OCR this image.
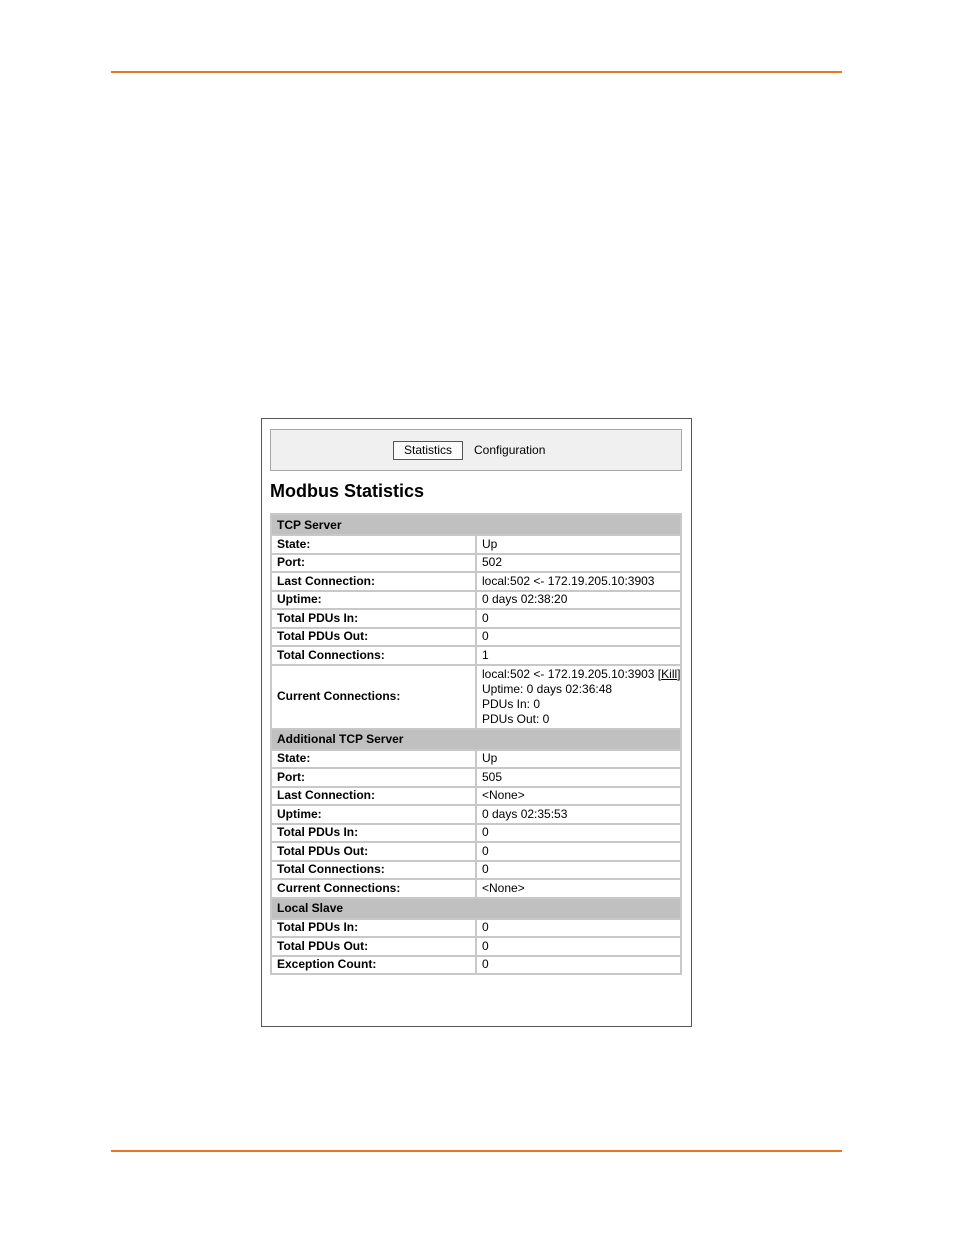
Statistics	Configuration
Modbus Statistics
TCP Server	
State:	Up
Port:	502
Last Connection:	local:502 <- 172.19.205.10:3903
Uptime:	0 days 02:38:20
Total PDUs In:	0
Total PDUs Out:	0
Total Connections:	1
Current Connections:	local:502 <- 172.19.205.10:3903 [Kill]
Uptime: 0 days 02:36:48
PDUs In: 0
PDUs Out: 0

Additional TCP Server	
State:	Up
Port:	505
Last Connection:	<None>
Uptime:	0 days 02:35:53
Total PDUs In:	0
Total PDUs Out:	0
Total Connections:	0
Current Connections:	<None>
Local Slave	
Total PDUs In:	0
Total PDUs Out:	0
Exception Count:	0
